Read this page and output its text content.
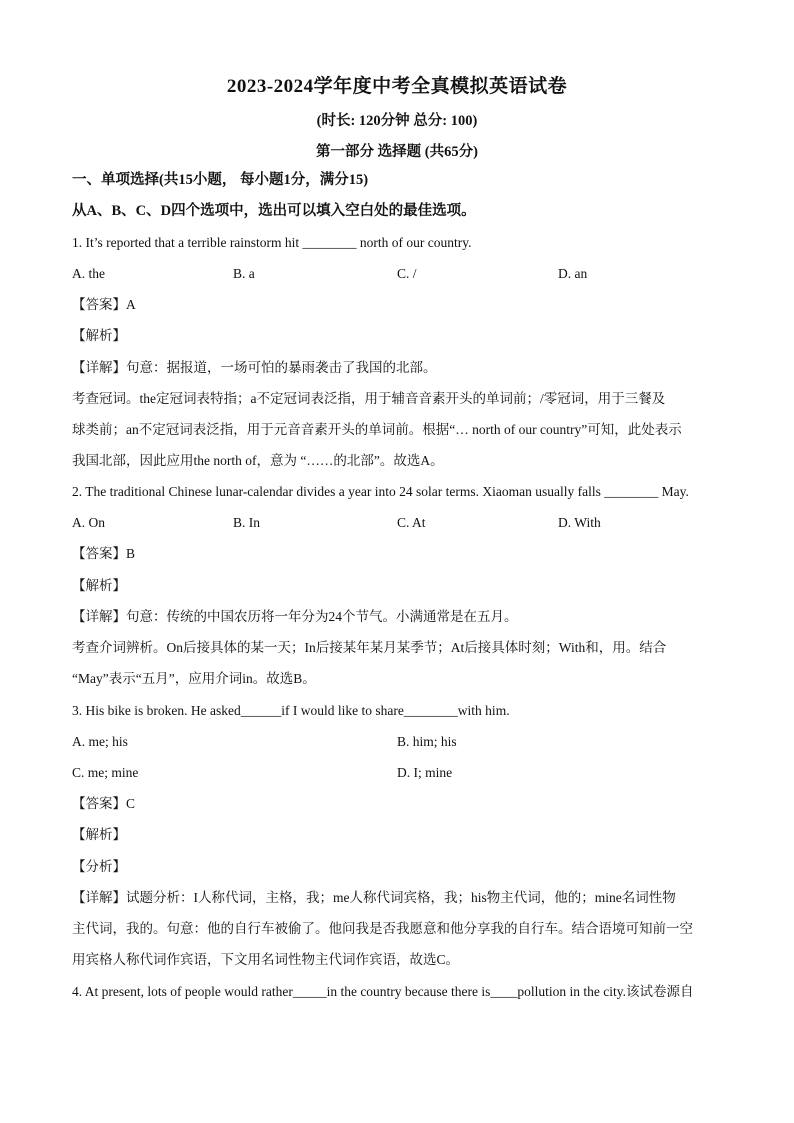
2023-2024学年度中考全真模拟英语试卷
(时长: 120分钟 总分: 100)
第一部分 选择题 (共65分)
一、单项选择(共15小题， 每小题1分，满分15)
从A、B、C、D四个选项中，选出可以填入空白处的最佳选项。
1. It’s reported that a terrible rainstorm hit ________ north of our country.
A. the	B. a	C. /	D. an
【答案】A
【解析】
【详解】句意：据报道，一场可怕的暴雨袭击了我国的北部。
考查冠词。the定冠词表特指；a不定冠词表泛指，用于辅音音素开头的单词前；/零冠词，用于三餐及
球类前；an不定冠词表泛指，用于元音音素开头的单词前。根据“… north of our country”可知，此处表示
我国北部，因此应用the north of，意为 “……的北部”。故选A。
2. The traditional Chinese lunar-calendar divides a year into 24 solar terms. Xiaoman usually falls ________ May.
A. On	B. In	C. At	D. With
【答案】B
【解析】
【详解】句意：传统的中国农历将一年分为24个节气。小满通常是在五月。
考查介词辨析。On后接具体的某一天；In后接某年某月某季节；At后接具体时刻；With和，用。结合
“May”表示“五月”，应用介词in。故选B。
3. His bike is broken. He asked______if I would like to share________with him.
A. me; his	B. him; his
C. me; mine	D. I; mine
【答案】C
【解析】
【分析】
【详解】试题分析：I人称代词，主格，我；me人称代词宾格，我；his物主代词，他的；mine名词性物
主代词，我的。句意：他的自行车被偷了。他问我是否我愿意和他分享我的自行车。结合语境可知前一空
用宾格人称代词作宾语，下文用名词性物主代词作宾语，故选C。
4. At present, lots of people would rather_____in the country because there is____pollution in the city.该试卷源自
